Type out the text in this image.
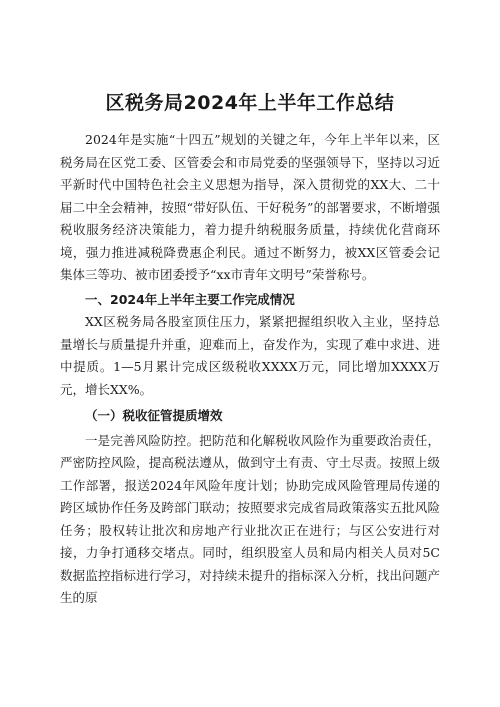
区税务局2024年上半年工作总结

2024年是实施“十四五”规划的关键之年，今年上半年以来，区税务局在区党工委、区管委会和市局党委的坚强领导下，坚持以习近平新时代中国特色社会主义思想为指导，深入贯彻党的XX大、二十届二中全会精神，按照“带好队伍、干好税务”的部署要求，不断增强税收服务经济决策能力，着力提升纳税服务质量，持续优化营商环境，强力推进减税降费惠企利民。通过不断努力，被XX区管委会记集体三等功、被市团委授予“xx市青年文明号”荣誉称号。

一、2024年上半年主要工作完成情况

XX区税务局各股室顶住压力，紧紧把握组织收入主业，坚持总量增长与质量提升并重，迎难而上，奋发作为，实现了难中求进、进中提质。1—5月累计完成区级税收XXXX万元，同比增加XXXX万元，增长XX%。

（一）税收征管提质增效

一是完善风险防控。把防范和化解税收风险作为重要政治责任，严密防控风险，提高税法遵从，做到守土有责、守土尽责。按照上级工作部署，报送2024年风险年度计划；协助完成风险管理局传递的跨区域协作任务及跨部门联动；按照要求完成省局政策落实五批风险任务；股权转让批次和房地产行业批次正在进行；与区公安进行对接，力争打通移交堵点。同时，组织股室人员和局内相关人员对5C数据监控指标进行学习，对持续未提升的指标深入分析，找出问题产生的原
